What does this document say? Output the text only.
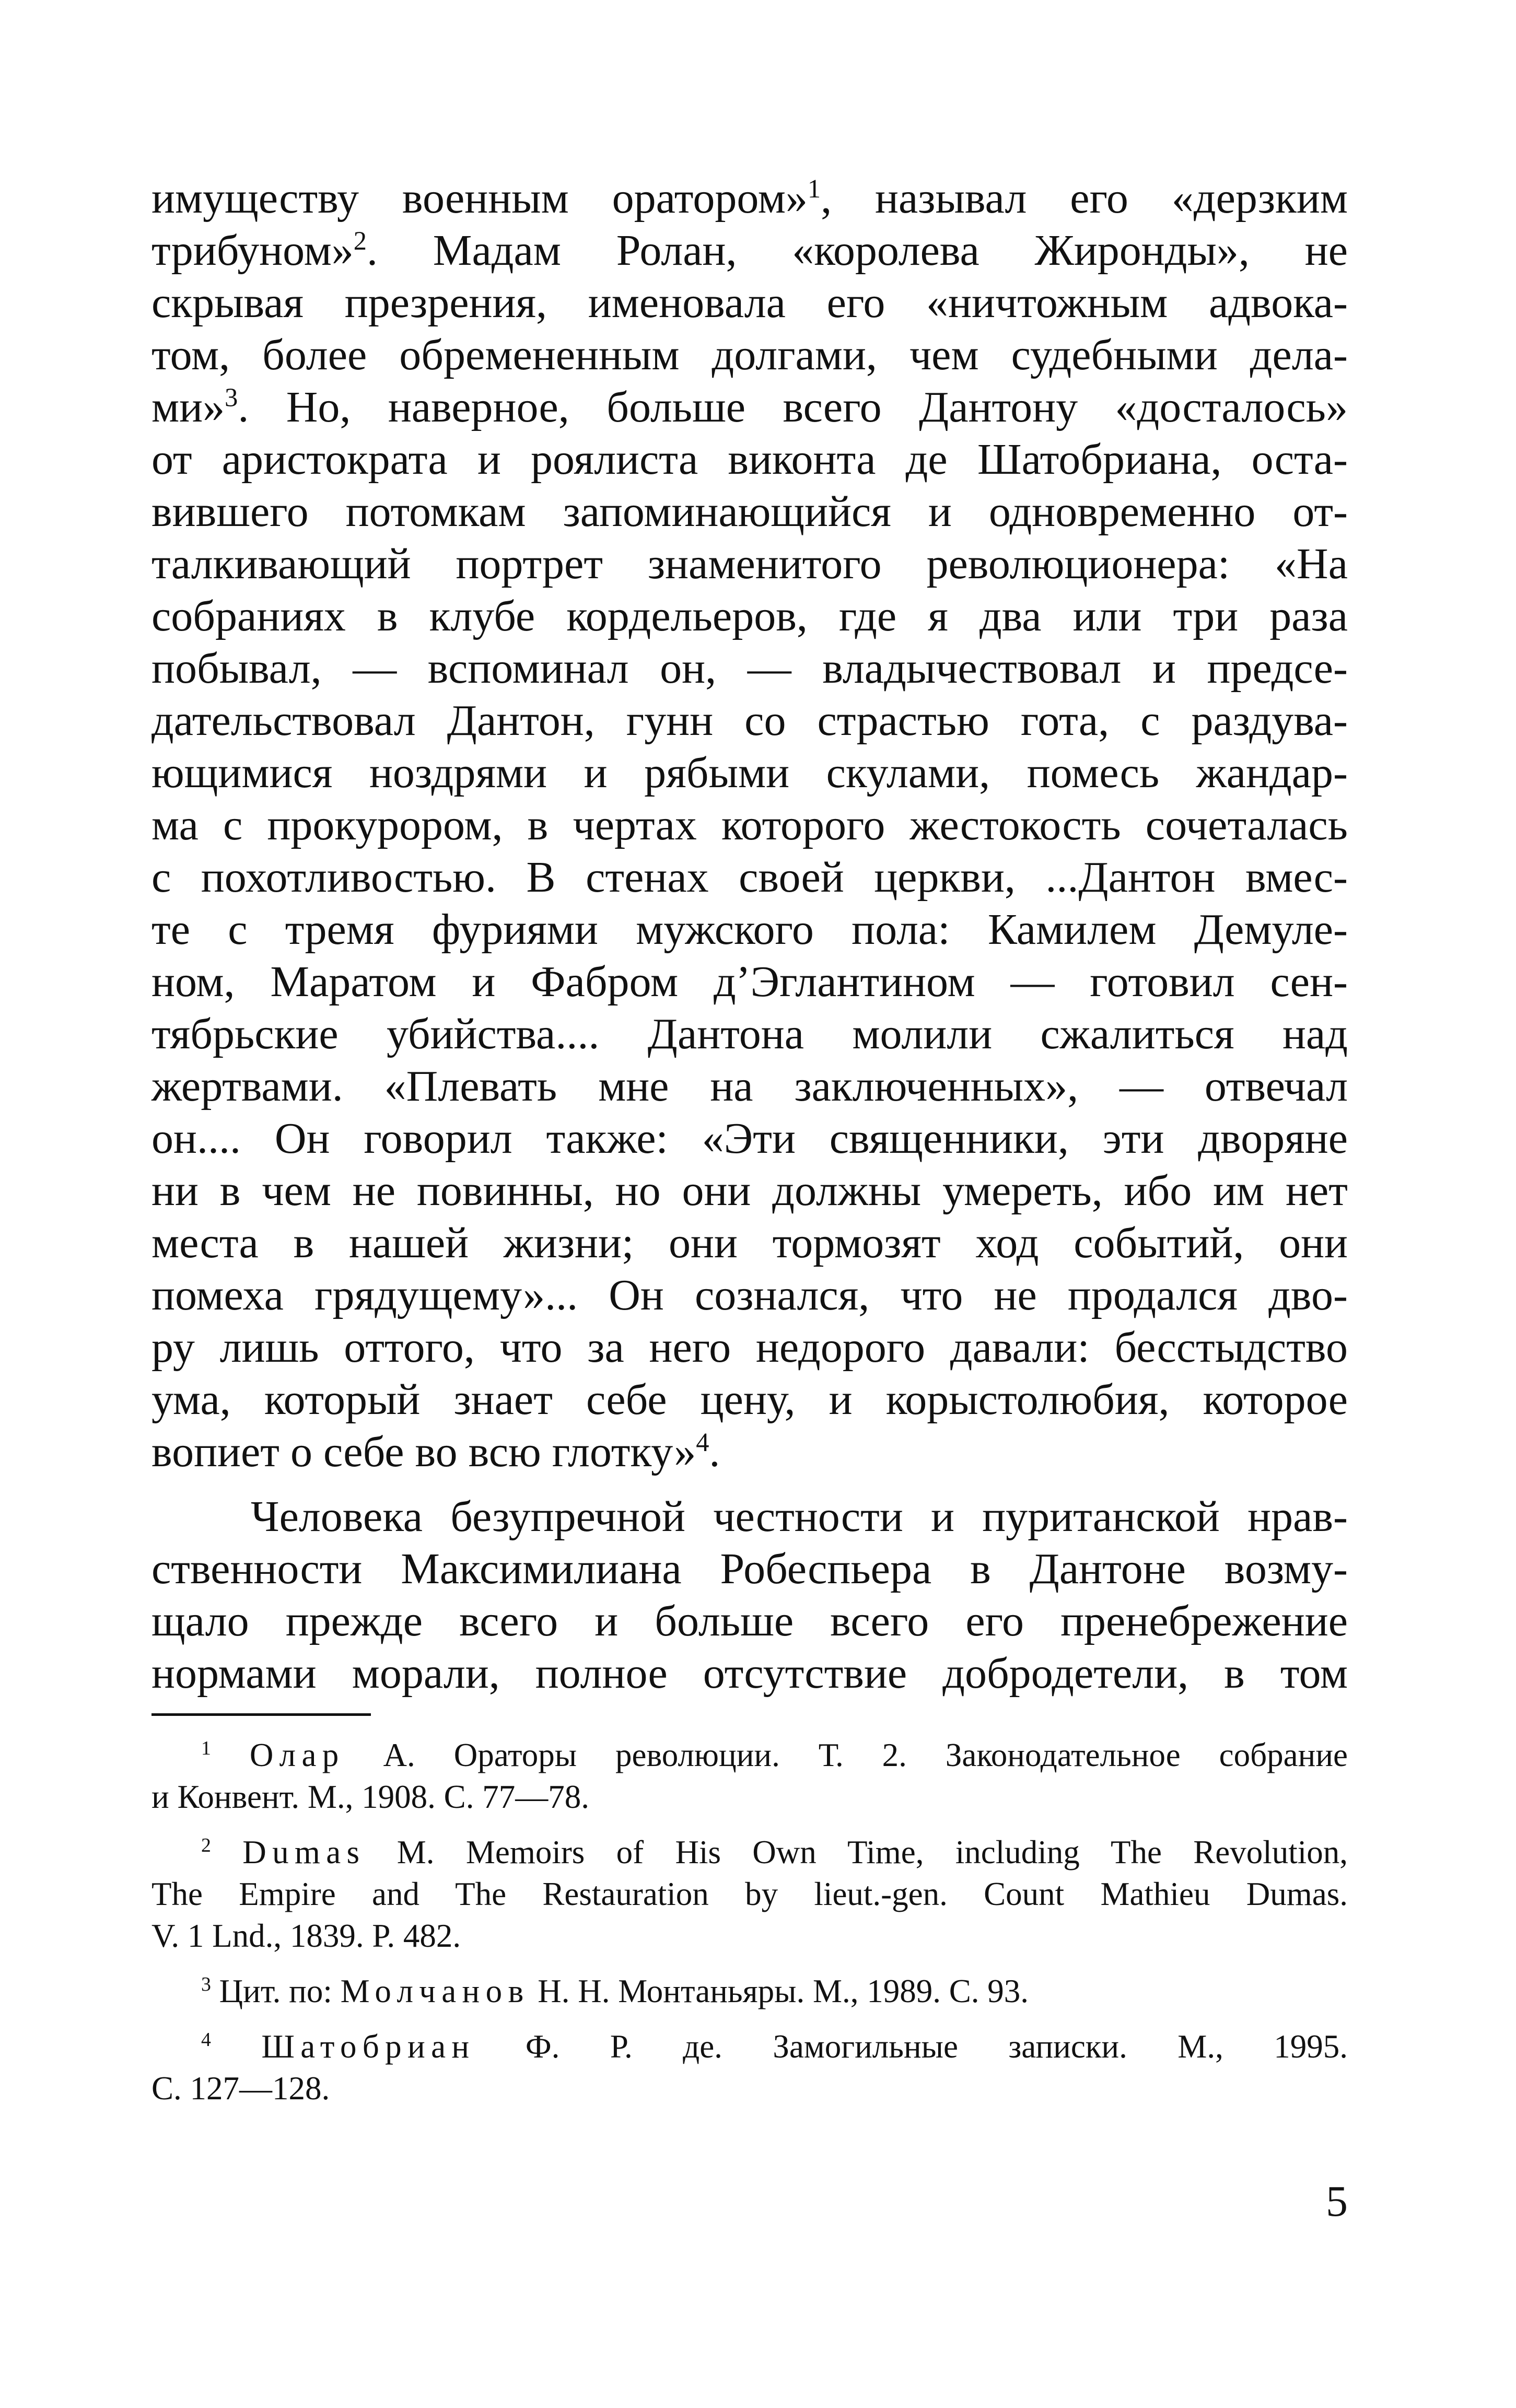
имуществу военным оратором»$^1$, называл его «дерзким
трибуном»$^2$. Мадам Ролан, «королева Жиронды», не
скрывая презрения, именовала его «ничтожным адвока-
том, более обремененным долгами, чем судебными дела-
ми»$^3$. Но, наверное, больше всего Дантону «досталось»
от аристократа и роялиста виконта де Шатобриана, оста-
вившего потомкам запоминающийся и одновременно от-
талкивающий портрет знаменитого революционера: «На
собраниях в клубе кордельеров, где я два или три раза
побывал, — вспоминал он, — владычествовал и предсе-
дательствовал Дантон, гунн со страстью гота, с раздува-
ющимися ноздрями и рябыми скулами, помесь жандар-
ма с прокурором, в чертах которого жестокость сочеталась
с похотливостью. В стенах своей церкви, ...Дантон вмес-
те с тремя фуриями мужского пола: Камилем Демуле-
ном, Маратом и Фабром д’Эглантином — готовил сен-
тябрьские убийства.... Дантона молили сжалиться над
жертвами. «Плевать мне на заключенных», — отвечал
он.... Он говорил также: «Эти священники, эти дворяне
ни в чем не повинны, но они должны умереть, ибо им нет
места в нашей жизни; они тормозят ход событий, они
помеха грядущему»... Он сознался, что не продался дво-
ру лишь оттого, что за него недорого давали: бесстыдство
ума, который знает себе цену, и корыстолюбия, которое
вопиет о себе во всю глотку»$^4$.
Человека безупречной честности и пуританской нрав-
ственности Максимилиана Робеспьера в Дантоне возму-
щало прежде всего и больше всего его пренебрежение
нормами морали, полное отсутствие добродетели, в том
$^1$ Олар А. Ораторы революции. Т. 2. Законодательное собрание
и Конвент. М., 1908. С. 77—78.
$^2$ Dumas M. Memoirs of His Own Time, including The Revolution,
The Empire and The Restauration by lieut.-gen. Count Mathieu Dumas.
V. 1 Lnd., 1839. P. 482.
$^3$ Цит. по: Молчанов Н. Н. Монтаньяры. М., 1989. С. 93.
$^4$ Шатобриан Ф. Р. де. Замогильные записки. М., 1995.
С. 127—128.
5
